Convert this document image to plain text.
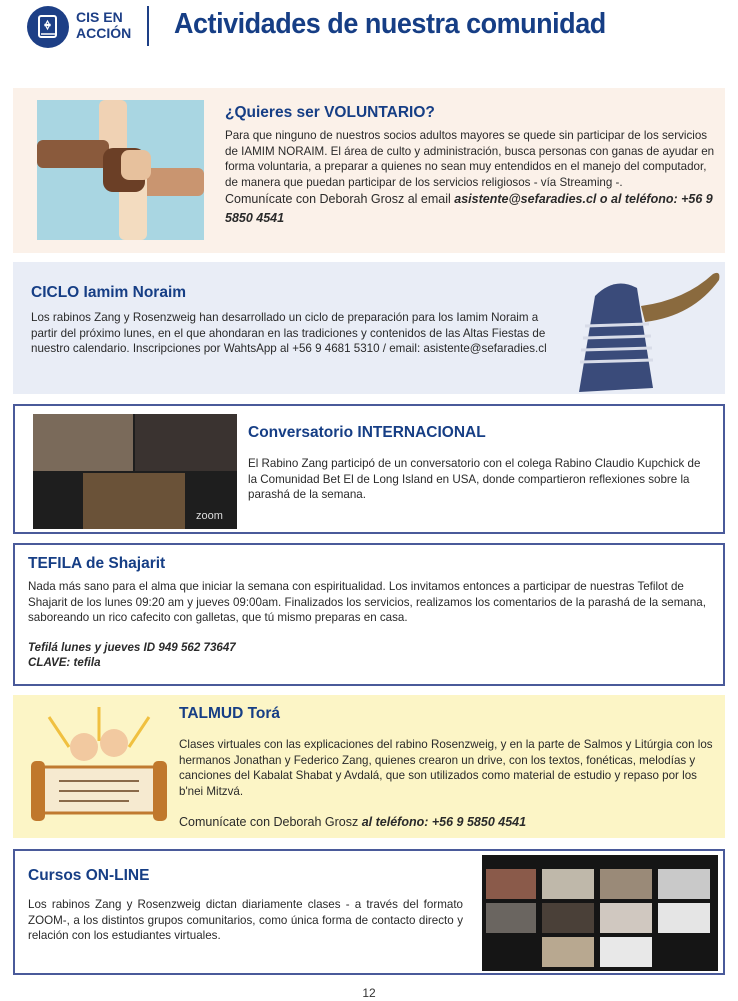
CIS EN
ACCIÓN Actividades de nuestra comunidad
¿Quieres ser VOLUNTARIO?

Para que ninguno de nuestros socios adultos mayores se quede sin participar de los servicios de IAMIM NORAIM. El área de culto y administración, busca personas con ganas de ayudar en forma voluntaria, a preparar a quienes no sean muy entendidos en el manejo del computador, de manera que puedan participar de los servicios religiosos - vía Streaming -.

Comunícate con Deborah Grosz al email asistente@sefaradies.cl o al teléfono: +56 9 5850 4541

CICLO Iamim Noraim

Los rabinos Zang y Rosenzweig han desarrollado un ciclo de preparación para los Iamim Noraim a partir del próximo lunes, en el que ahondaran en las tradiciones y contenidos de las Altas Fiestas de nuestro calendario. Inscripciones por WahtsApp al +56 9 4681 5310 / email: asistente@sefaradies.cl

zoom
Conversatorio INTERNACIONAL

El Rabino Zang participó de un conversatorio con el colega Rabino Claudio Kupchick de la Comunidad Bet El de Long Island en USA, donde compartieron reflexiones sobre la parashá de la semana.

TEFILA de Shajarit

Nada más sano para el alma que iniciar la semana con espiritualidad. Los invitamos entonces a participar de nuestras Tefilot de Shajarit de los lunes 09:20 am y jueves 09:00am. Finalizados los servicios, realizamos los comentarios de la parashá de la semana, saboreando un rico cafecito con galletas, que tú mismo preparas en casa.

Tefilá lunes y jueves ID 949 562 73647

CLAVE: tefila

TALMUD Torá

Clases virtuales con las explicaciones del rabino Rosenzweig, y en la parte de Salmos y Litúrgia con los hermanos Jonathan y Federico Zang, quienes crearon un drive, con los textos, fonéticas, melodías y canciones del Kabalat Shabat y Avdalá, que son utilizados como material de estudio y repaso por los b'nei Mitzvá.

Comunícate con Deborah Grosz al teléfono: +56 9 5850 4541

Cursos ON-LINE

Los rabinos Zang y Rosenzweig dictan diariamente clases - a través del formato ZOOM-, a los distintos grupos comunitarios, como única forma de contacto directo y relación con los estudiantes virtuales.

12
